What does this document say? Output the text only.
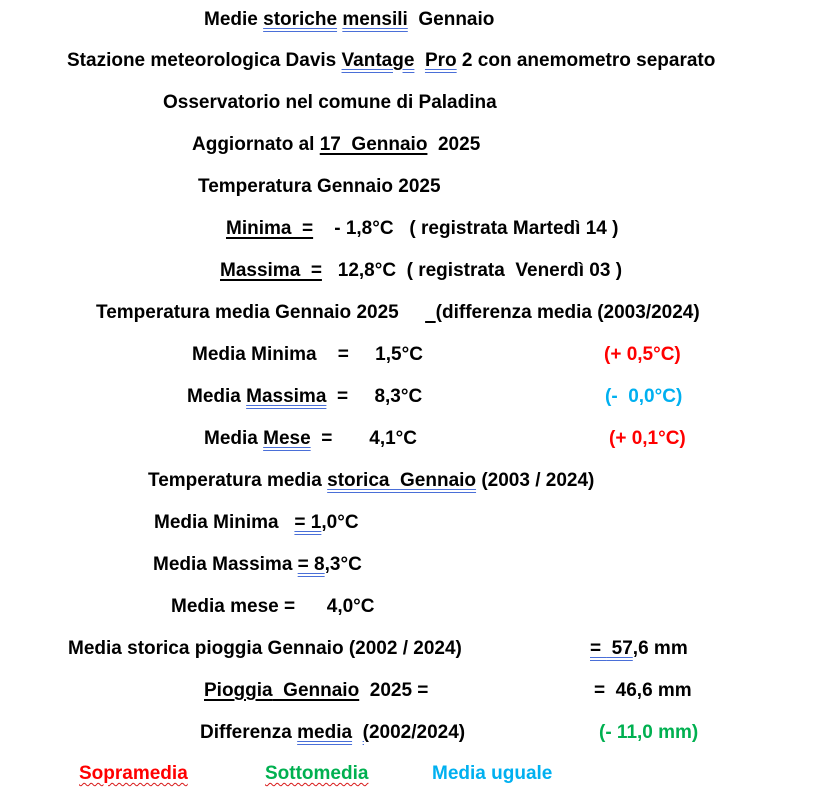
Medie storiche mensili  Gennaio
Stazione meteorologica Davis Vantage Pro 2 con anemometro separato
Osservatorio nel comune di Paladina
Aggiornato al 17  Gennaio  2025
Temperatura Gennaio 2025
Minima  =    - 1,8°C   ( registrata Martedì 14 )
Massima  =   12,8°C  ( registrata  Venerdì 03 )
Temperatura media Gennaio 2025       (differenza media (2003/2024)
Media Minima    =     1,5°C	(+ 0,5°C)
Media Massima  =     8,3°C	(-  0,0°C)
Media Mese  =       4,1°C	(+ 0,1°C)
Temperatura media storica Gennaio (2003 / 2024)
Media Minima   = 1,0°C
Media Massima = 8,3°C
Media mese =      4,0°C
Media storica pioggia Gennaio (2002 / 2024)	=  57,6 mm
Pioggia  Gennaio  2025 =	=  46,6 mm
Differenza media (2002/2024)	(- 11,0 mm)
Sopramedia	Sottomedia	Media uguale
